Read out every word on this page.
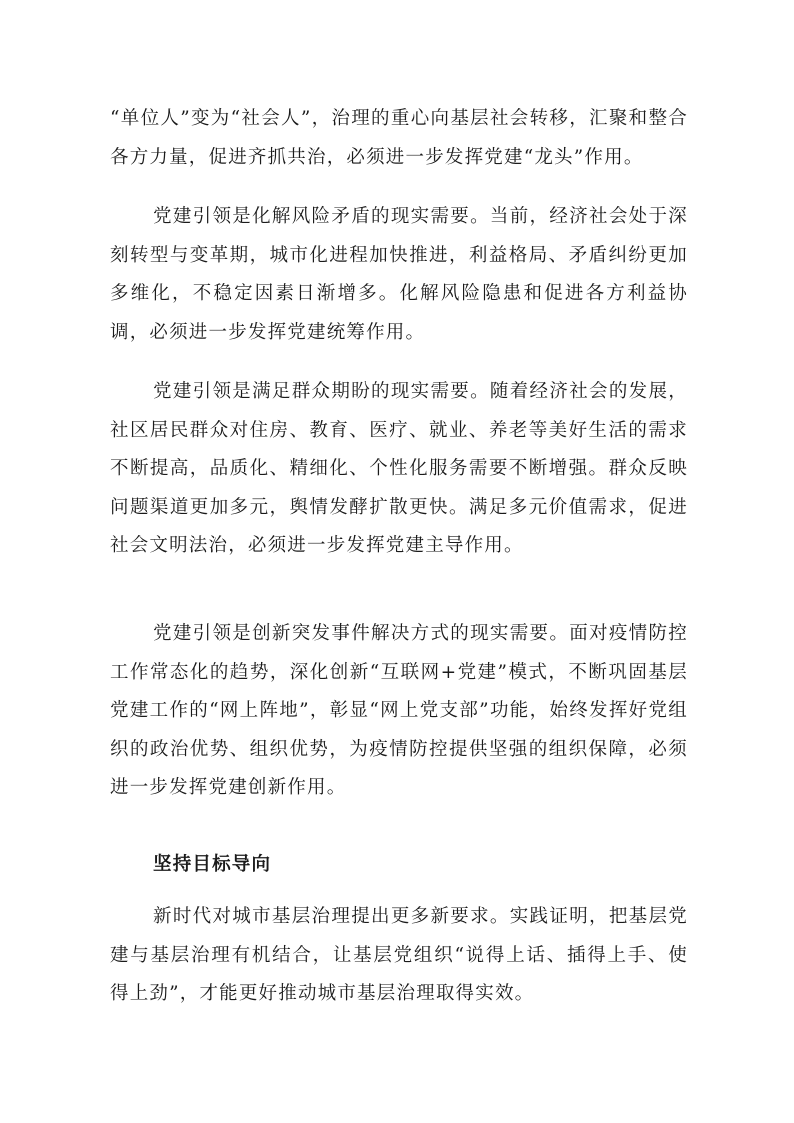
“单位人”变为“社会人”，治理的重心向基层社会转移，汇聚和整合各方力量，促进齐抓共治，必须进一步发挥党建“龙头”作用。

党建引领是化解风险矛盾的现实需要。当前，经济社会处于深刻转型与变革期，城市化进程加快推进，利益格局、矛盾纠纷更加多维化，不稳定因素日渐增多。化解风险隐患和促进各方利益协调，必须进一步发挥党建统筹作用。

党建引领是满足群众期盼的现实需要。随着经济社会的发展，社区居民群众对住房、教育、医疗、就业、养老等美好生活的需求不断提高，品质化、精细化、个性化服务需要不断增强。群众反映问题渠道更加多元，舆情发酵扩散更快。满足多元价值需求，促进社会文明法治，必须进一步发挥党建主导作用。

党建引领是创新突发事件解决方式的现实需要。面对疫情防控工作常态化的趋势，深化创新“互联网+党建”模式，不断巩固基层党建工作的“网上阵地”，彰显“网上党支部”功能，始终发挥好党组织的政治优势、组织优势，为疫情防控提供坚强的组织保障，必须进一步发挥党建创新作用。

坚持目标导向

新时代对城市基层治理提出更多新要求。实践证明，把基层党建与基层治理有机结合，让基层党组织“说得上话、插得上手、使得上劲”，才能更好推动城市基层治理取得实效。
